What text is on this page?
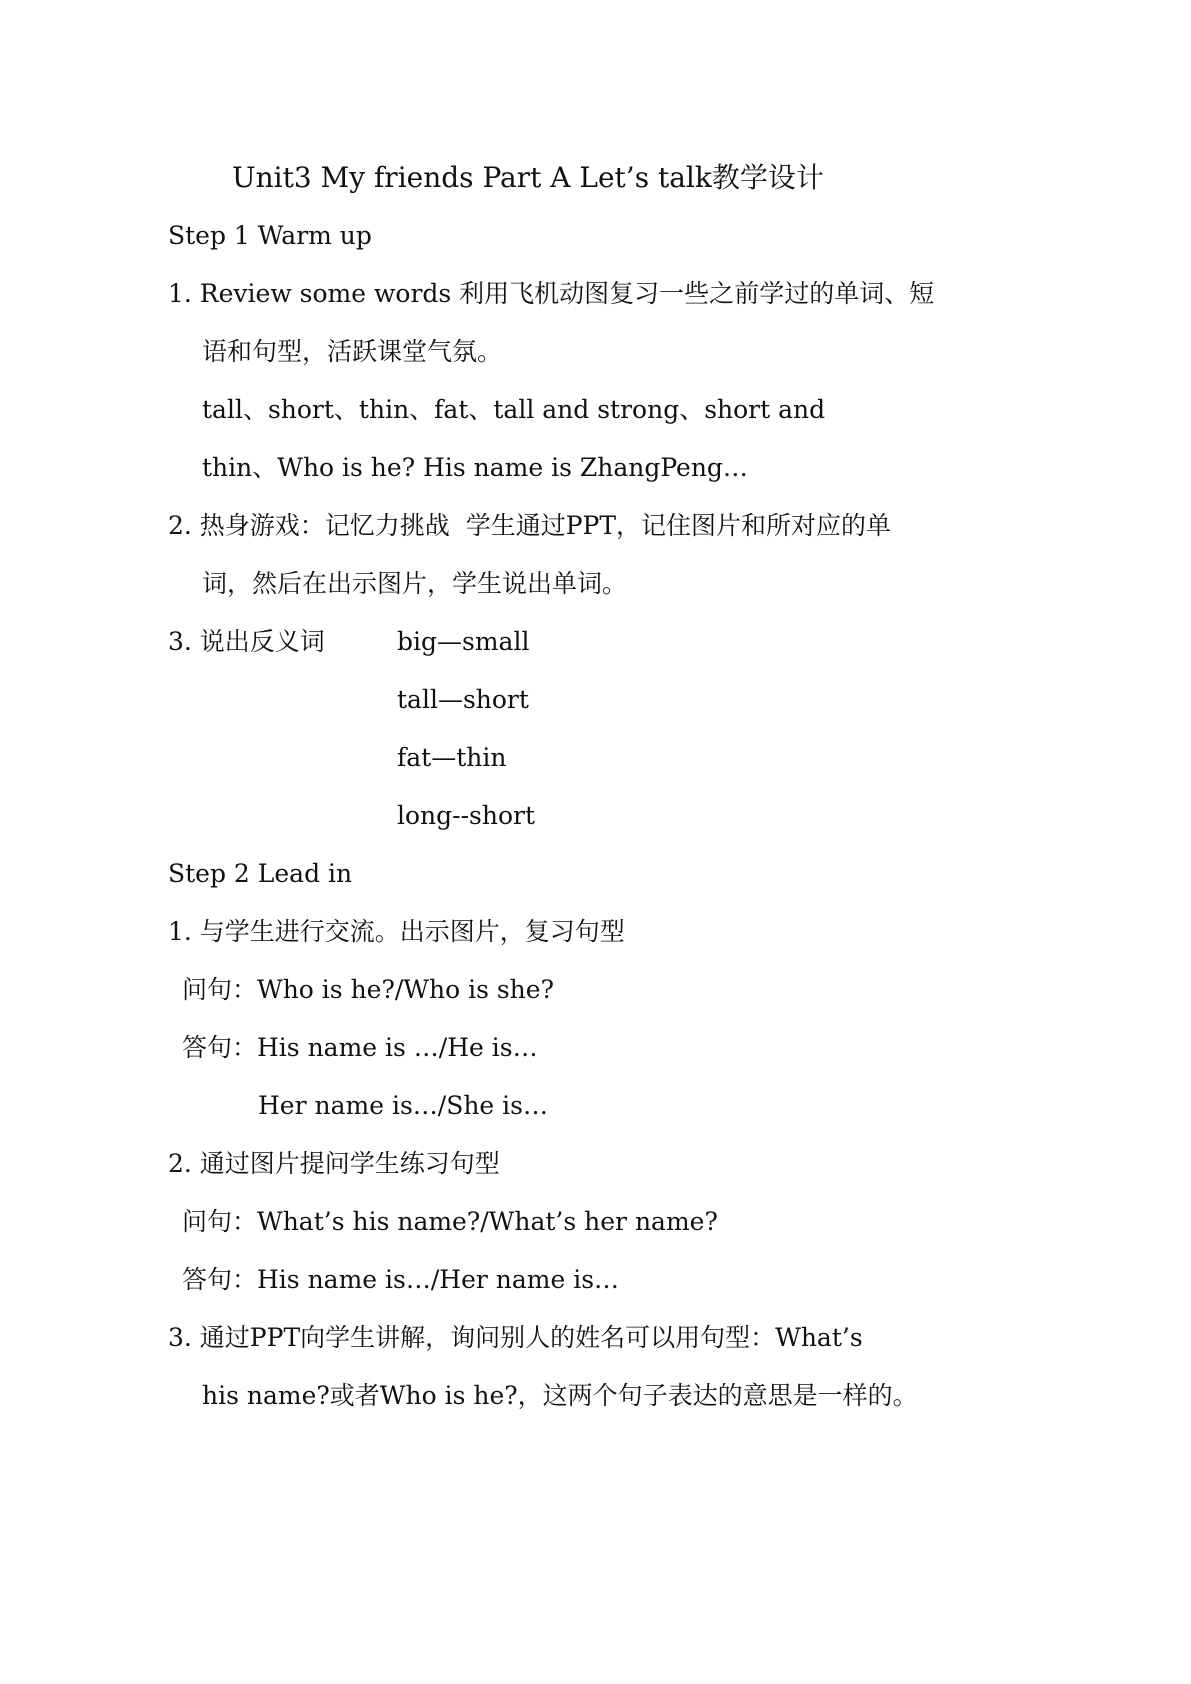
Unit3 My friends Part A Let’s talk教学设计

Step 1 Warm up

1. Review some words 利用飞机动图复习一些之前学过的单词、短

语和句型，活跃课堂气氛。

tall、short、thin、fat、tall and strong、short and

thin、Who is he? His name is ZhangPeng…

2. 热身游戏：记忆力挑战  学生通过PPT，记住图片和所对应的单

词，然后在出示图片，学生说出单词。

3. 说出反义词	big—small

tall—short

fat—thin

long--short

Step 2 Lead in

1. 与学生进行交流。出示图片，复习句型

问句：Who is he?/Who is she?

答句：His name is …/He is…

Her name is…/She is…

2. 通过图片提问学生练习句型

问句：What’s his name?/What’s her name?

答句：His name is…/Her name is…

3. 通过PPT向学生讲解，询问别人的姓名可以用句型：What’s

his name?或者Who is he?，这两个句子表达的意思是一样的。
